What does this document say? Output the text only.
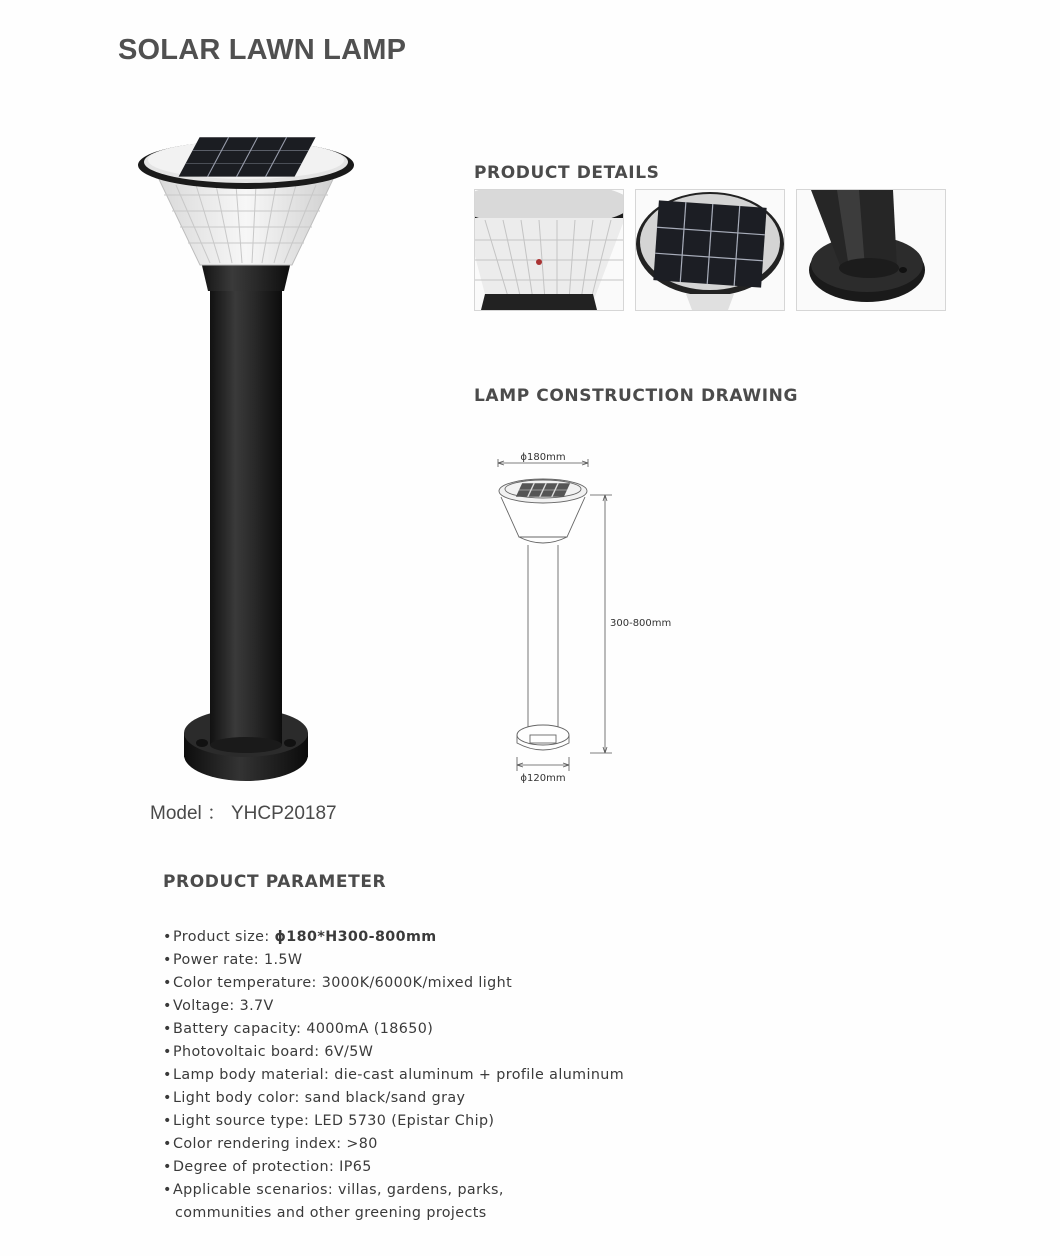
SOLAR LAWN LAMP

Model ： YHCP20187

PRODUCT DETAILS
LAMP CONSTRUCTION DRAWING
ϕ180mm
300-800mm
ϕ120mm
PRODUCT PARAMETER
•Product size: ϕ180*H300-800mm
•Power rate: 1.5W
•Color temperature: 3000K/6000K/mixed light
•Voltage: 3.7V
•Battery capacity: 4000mA (18650)
•Photovoltaic board: 6V/5W
•Lamp body material: die-cast aluminum + profile aluminum
•Light body color: sand black/sand gray
•Light source type: LED 5730 (Epistar Chip)
•Color rendering index: >80
•Degree of protection: IP65
•Applicable scenarios: villas, gardens, parks,
communities and other greening projects
